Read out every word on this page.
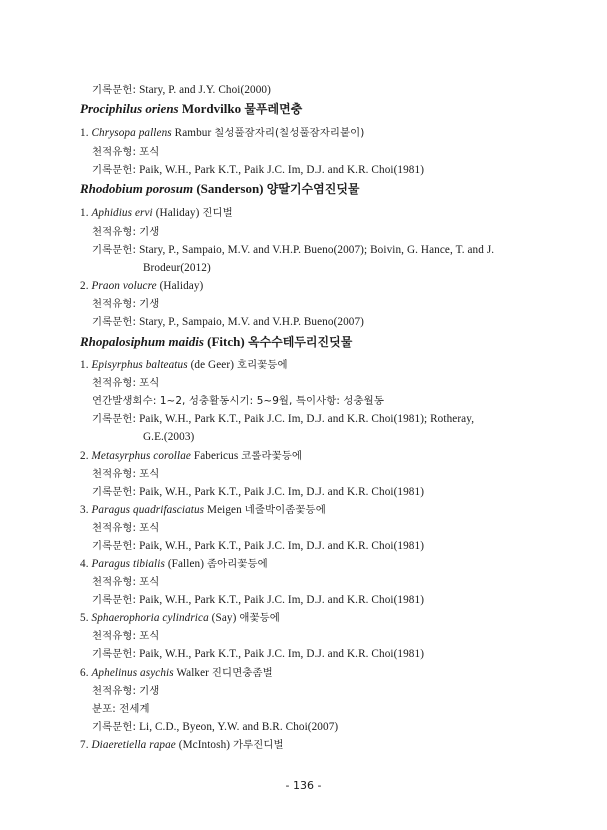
기록문헌: Stary, P. and J.Y. Choi(2000)
Prociphilus oriens Mordvilko 물푸레면충
1. Chrysopa pallens Rambur 칠성풀잠자리(칠성풀잠자리붙이)
천적유형: 포식
기록문헌: Paik, W.H., Park K.T., Paik J.C. Im, D.J. and K.R. Choi(1981)
Rhodobium porosum (Sanderson) 양딸기수염진딧물
1. Aphidius ervi (Haliday) 진디벌
천적유형: 기생
기록문헌: Stary, P., Sampaio, M.V. and V.H.P. Bueno(2007); Boivin, G. Hance, T. and J.
Brodeur(2012)
2. Praon volucre (Haliday)
천적유형: 기생
기록문헌: Stary, P., Sampaio, M.V. and V.H.P. Bueno(2007)
Rhopalosiphum maidis (Fitch) 옥수수테두리진딧물
1. Episyrphus balteatus (de Geer) 호리꽃등에
천적유형: 포식
연간발생회수: 1~2, 성충활동시기: 5~9월, 특이사항: 성충월동
기록문헌: Paik, W.H., Park K.T., Paik J.C. Im, D.J. and K.R. Choi(1981); Rotheray,
G.E.(2003)
2. Metasyrphus corollae Fabericus 코롤라꽃등에
천적유형: 포식
기록문헌: Paik, W.H., Park K.T., Paik J.C. Im, D.J. and K.R. Choi(1981)
3. Paragus quadrifasciatus Meigen 네줄박이좀꽃등에
천적유형: 포식
기록문헌: Paik, W.H., Park K.T., Paik J.C. Im, D.J. and K.R. Choi(1981)
4. Paragus tibialis (Fallen) 좀아리꽃등에
천적유형: 포식
기록문헌: Paik, W.H., Park K.T., Paik J.C. Im, D.J. and K.R. Choi(1981)
5. Sphaerophoria cylindrica (Say) 애꽃등에
천적유형: 포식
기록문헌: Paik, W.H., Park K.T., Paik J.C. Im, D.J. and K.R. Choi(1981)
6. Aphelinus asychis Walker 진디면충좀벌
천적유형: 기생
분포: 전세계
기록문헌: Li, C.D., Byeon, Y.W. and B.R. Choi(2007)
7. Diaeretiella rapae (McIntosh) 가루진디벌
- 136 -
